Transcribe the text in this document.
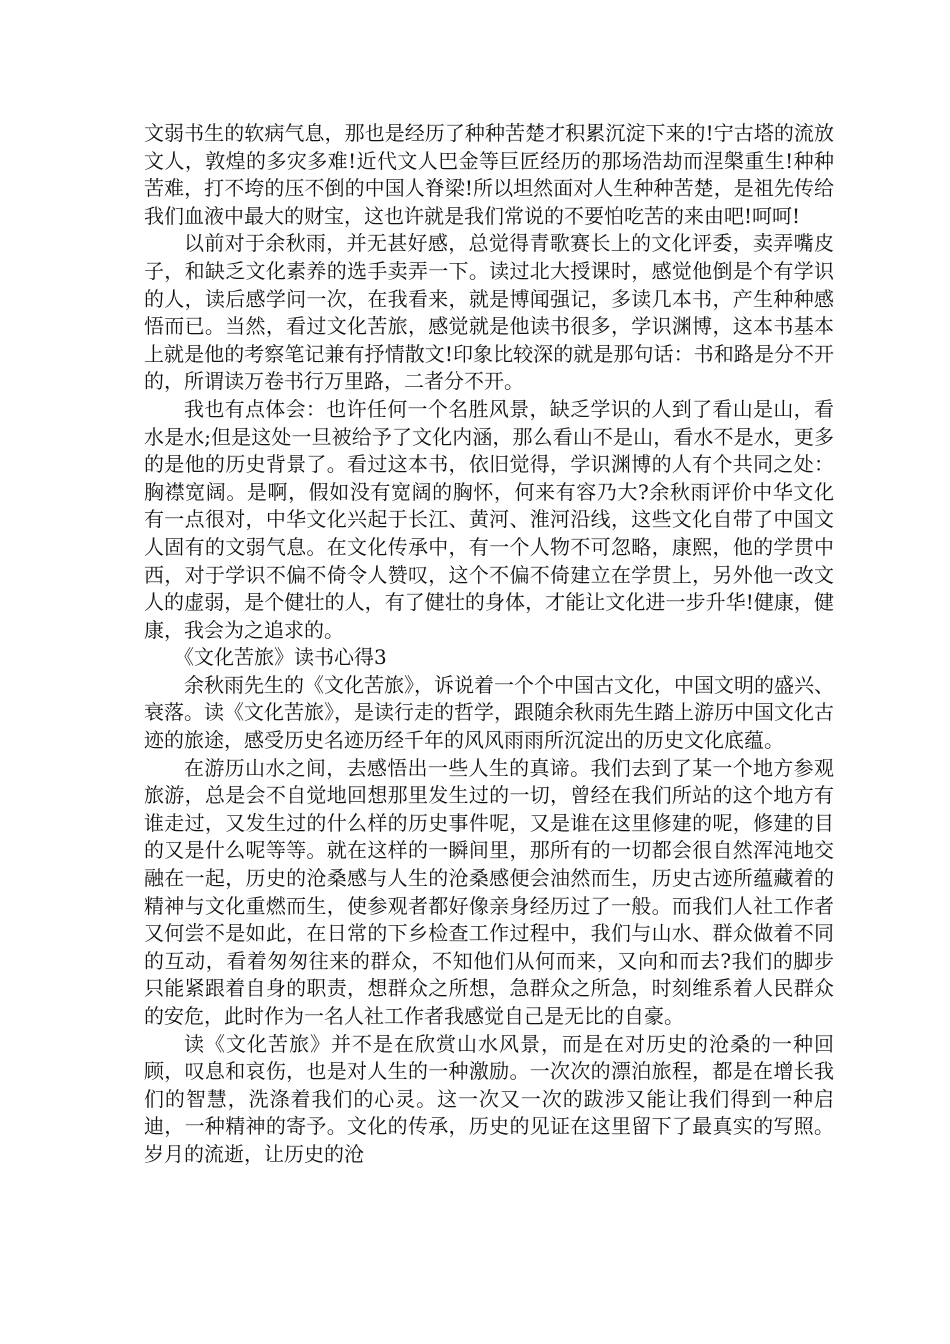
文弱书生的软病气息，那也是经历了种种苦楚才积累沉淀下来的!宁古塔的流放文人，敦煌的多灾多难!近代文人巴金等巨匠经历的那场浩劫而涅槃重生!种种苦难，打不垮的压不倒的中国人脊梁!所以坦然面对人生种种苦楚，是祖先传给我们血液中最大的财宝，这也许就是我们常说的不要怕吃苦的来由吧!呵呵!

以前对于余秋雨，并无甚好感，总觉得青歌赛长上的文化评委，卖弄嘴皮子，和缺乏文化素养的选手卖弄一下。读过北大授课时，感觉他倒是个有学识的人，读后感学问一次，在我看来，就是博闻强记，多读几本书，产生种种感悟而已。当然，看过文化苦旅，感觉就是他读书很多，学识渊博，这本书基本上就是他的考察笔记兼有抒情散文!印象比较深的就是那句话：书和路是分不开的，所谓读万卷书行万里路，二者分不开。

我也有点体会：也许任何一个名胜风景，缺乏学识的人到了看山是山，看水是水;但是这处一旦被给予了文化内涵，那么看山不是山，看水不是水，更多的是他的历史背景了。看过这本书，依旧觉得，学识渊博的人有个共同之处：胸襟宽阔。是啊，假如没有宽阔的胸怀，何来有容乃大?余秋雨评价中华文化有一点很对，中华文化兴起于长江、黄河、淮河沿线，这些文化自带了中国文人固有的文弱气息。在文化传承中，有一个人物不可忽略，康熙，他的学贯中西，对于学识不偏不倚令人赞叹，这个不偏不倚建立在学贯上，另外他一改文人的虚弱，是个健壮的人，有了健壮的身体，才能让文化进一步升华!健康，健康，我会为之追求的。

《文化苦旅》读书心得3

余秋雨先生的《文化苦旅》，诉说着一个个中国古文化，中国文明的盛兴、衰落。读《文化苦旅》，是读行走的哲学，跟随余秋雨先生踏上游历中国文化古迹的旅途，感受历史名迹历经千年的风风雨雨所沉淀出的历史文化底蕴。

在游历山水之间，去感悟出一些人生的真谛。我们去到了某一个地方参观旅游，总是会不自觉地回想那里发生过的一切，曾经在我们所站的这个地方有谁走过，又发生过的什么样的历史事件呢，又是谁在这里修建的呢，修建的目的又是什么呢等等。就在这样的一瞬间里，那所有的一切都会很自然浑沌地交融在一起，历史的沧桑感与人生的沧桑感便会油然而生，历史古迹所蕴藏着的精神与文化重燃而生，使参观者都好像亲身经历过了一般。而我们人社工作者又何尝不是如此，在日常的下乡检查工作过程中，我们与山水、群众做着不同的互动，看着匆匆往来的群众，不知他们从何而来，又向和而去?我们的脚步只能紧跟着自身的职责，想群众之所想，急群众之所急，时刻维系着人民群众的安危，此时作为一名人社工作者我感觉自己是无比的自豪。

读《文化苦旅》并不是在欣赏山水风景，而是在对历史的沧桑的一种回顾，叹息和哀伤，也是对人生的一种激励。一次次的漂泊旅程，都是在增长我们的智慧，洗涤着我们的心灵。这一次又一次的跋涉又能让我们得到一种启迪，一种精神的寄予。文化的传承，历史的见证在这里留下了最真实的写照。岁月的流逝，让历史的沧
